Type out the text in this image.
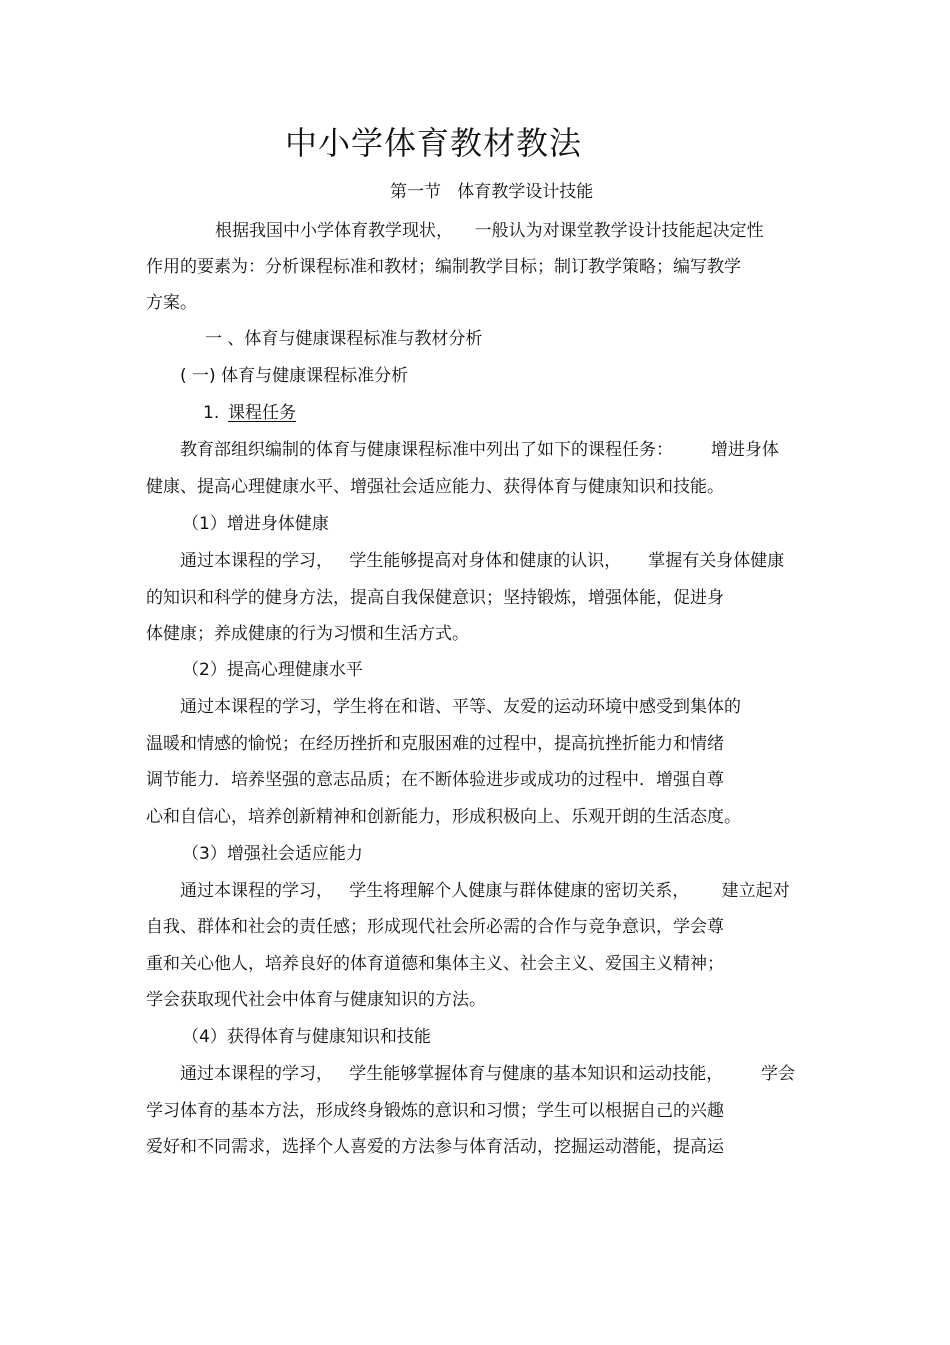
中小学体育教材教法
第一节   体育教学设计技能
根据我国中小学体育教学现状，    一般认为对课堂教学设计技能起决定性
作用的要素为：分析课程标准和教材；编制教学目标；制订教学策略；编写教学
方案。
一 、体育与健康课程标准与教材分析
( 一) 体育与健康课程标准分析
1. 课程任务
教育部组织编制的体育与健康课程标准中列出了如下的课程任务：       增进身体
健康、提高心理健康水平、增强社会适应能力、获得体育与健康知识和技能。
（1）增进身体健康
通过本课程的学习，   学生能够提高对身体和健康的认识，     掌握有关身体健康
的知识和科学的健身方法，提高自我保健意识；坚持锻炼，增强体能，促进身
体健康；养成健康的行为习惯和生活方式。
（2）提高心理健康水平
通过本课程的学习，学生将在和谐、平等、友爱的运动环境中感受到集体的
温暖和情感的愉悦；在经历挫折和克服困难的过程中，提高抗挫折能力和情绪
调节能力．培养坚强的意志品质；在不断体验进步或成功的过程中．增强自尊
心和自信心，培养创新精神和创新能力，形成积极向上、乐观开朗的生活态度。
（3）增强社会适应能力
通过本课程的学习，   学生将理解个人健康与群体健康的密切关系，      建立起对
自我、群体和社会的责任感；形成现代社会所必需的合作与竞争意识，学会尊
重和关心他人，培养良好的体育道德和集体主义、社会主义、爱国主义精神；
学会获取现代社会中体育与健康知识的方法。
（4）获得体育与健康知识和技能
通过本课程的学习，   学生能够掌握体育与健康的基本知识和运动技能，       学会
学习体育的基本方法，形成终身锻炼的意识和习惯；学生可以根据自己的兴趣
爱好和不同需求，选择个人喜爱的方法参与体育活动，挖掘运动潜能，提高运
